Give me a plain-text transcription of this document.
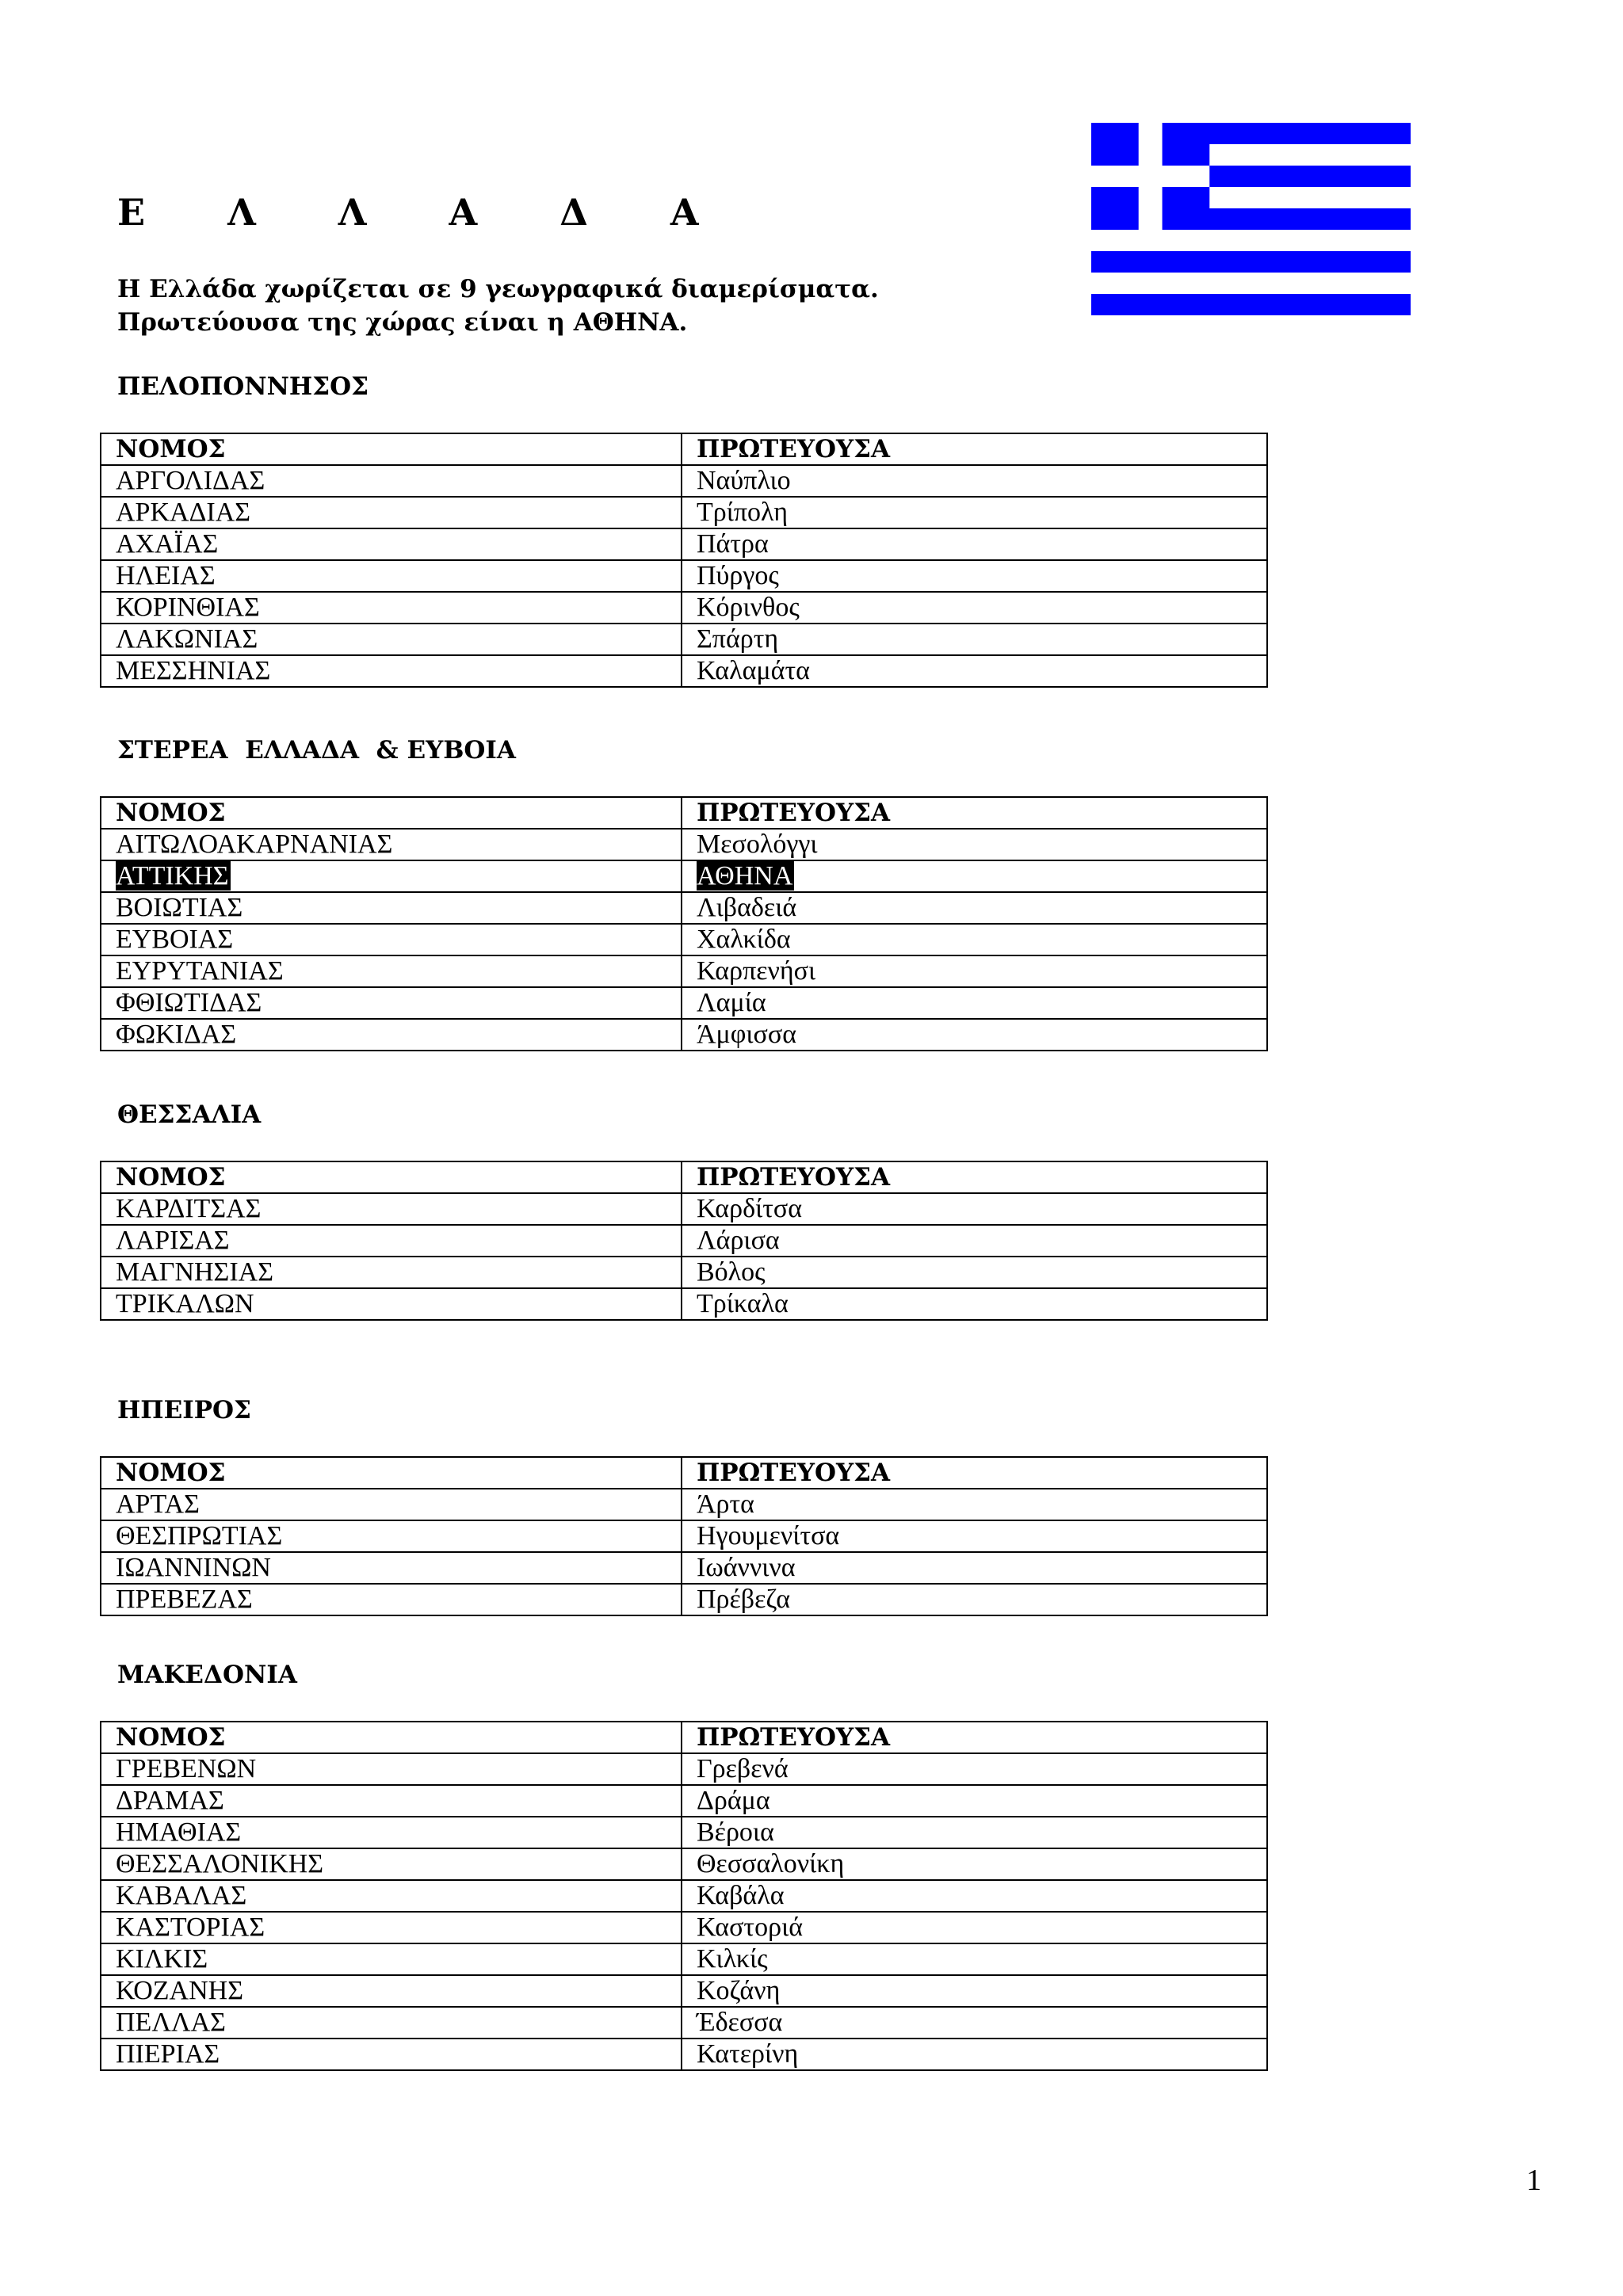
Ε Λ Λ Α Δ Α
Η Ελλάδα χωρίζεται σε 9 γεωγραφικά διαμερίσματα.
Πρωτεύουσα της χώρας είναι η ΑΘΗΝΑ.
ΠΕΛΟΠΟΝΝΗΣΟΣ
ΝΟΜΟΣ	ΠΡΩΤΕΥΟΥΣΑ
ΑΡΓΟΛΙΔΑΣ	Ναύπλιο
ΑΡΚΑΔΙΑΣ	Τρίπολη
ΑΧΑΪΑΣ	Πάτρα
ΗΛΕΙΑΣ	Πύργος
ΚΟΡΙΝΘΙΑΣ	Κόρινθος
ΛΑΚΩΝΙΑΣ	Σπάρτη
ΜΕΣΣΗΝΙΑΣ	Καλαμάτα
ΣΤΕΡΕΑ  ΕΛΛΑΔΑ  & ΕΥΒΟΙΑ
ΝΟΜΟΣ	ΠΡΩΤΕΥΟΥΣΑ
ΑΙΤΩΛΟΑΚΑΡΝΑΝΙΑΣ	Μεσολόγγι
ΑΤΤΙΚΗΣ	ΑΘΗΝΑ
ΒΟΙΩΤΙΑΣ	Λιβαδειά
ΕΥΒΟΙΑΣ	Χαλκίδα
ΕΥΡΥΤΑΝΙΑΣ	Καρπενήσι
ΦΘΙΩΤΙΔΑΣ	Λαμία
ΦΩΚΙΔΑΣ	Άμφισσα
ΘΕΣΣΑΛΙΑ
ΝΟΜΟΣ	ΠΡΩΤΕΥΟΥΣΑ
ΚΑΡΔΙΤΣΑΣ	Καρδίτσα
ΛΑΡΙΣΑΣ	Λάρισα
ΜΑΓΝΗΣΙΑΣ	Βόλος
ΤΡΙΚΑΛΩΝ	Τρίκαλα
ΗΠΕΙΡΟΣ
ΝΟΜΟΣ	ΠΡΩΤΕΥΟΥΣΑ
ΑΡΤΑΣ	Άρτα
ΘΕΣΠΡΩΤΙΑΣ	Ηγουμενίτσα
ΙΩΑΝΝΙΝΩΝ	Ιωάννινα
ΠΡΕΒΕΖΑΣ	Πρέβεζα
ΜΑΚΕΔΟΝΙΑ
ΝΟΜΟΣ	ΠΡΩΤΕΥΟΥΣΑ
ΓΡΕΒΕΝΩΝ	Γρεβενά
ΔΡΑΜΑΣ	Δράμα
ΗΜΑΘΙΑΣ	Βέροια
ΘΕΣΣΑΛΟΝΙΚΗΣ	Θεσσαλονίκη
ΚΑΒΑΛΑΣ	Καβάλα
ΚΑΣΤΟΡΙΑΣ	Καστοριά
ΚΙΛΚΙΣ	Κιλκίς
ΚΟΖΑΝΗΣ	Κοζάνη
ΠΕΛΛΑΣ	Έδεσσα
ΠΙΕΡΙΑΣ	Κατερίνη
1
